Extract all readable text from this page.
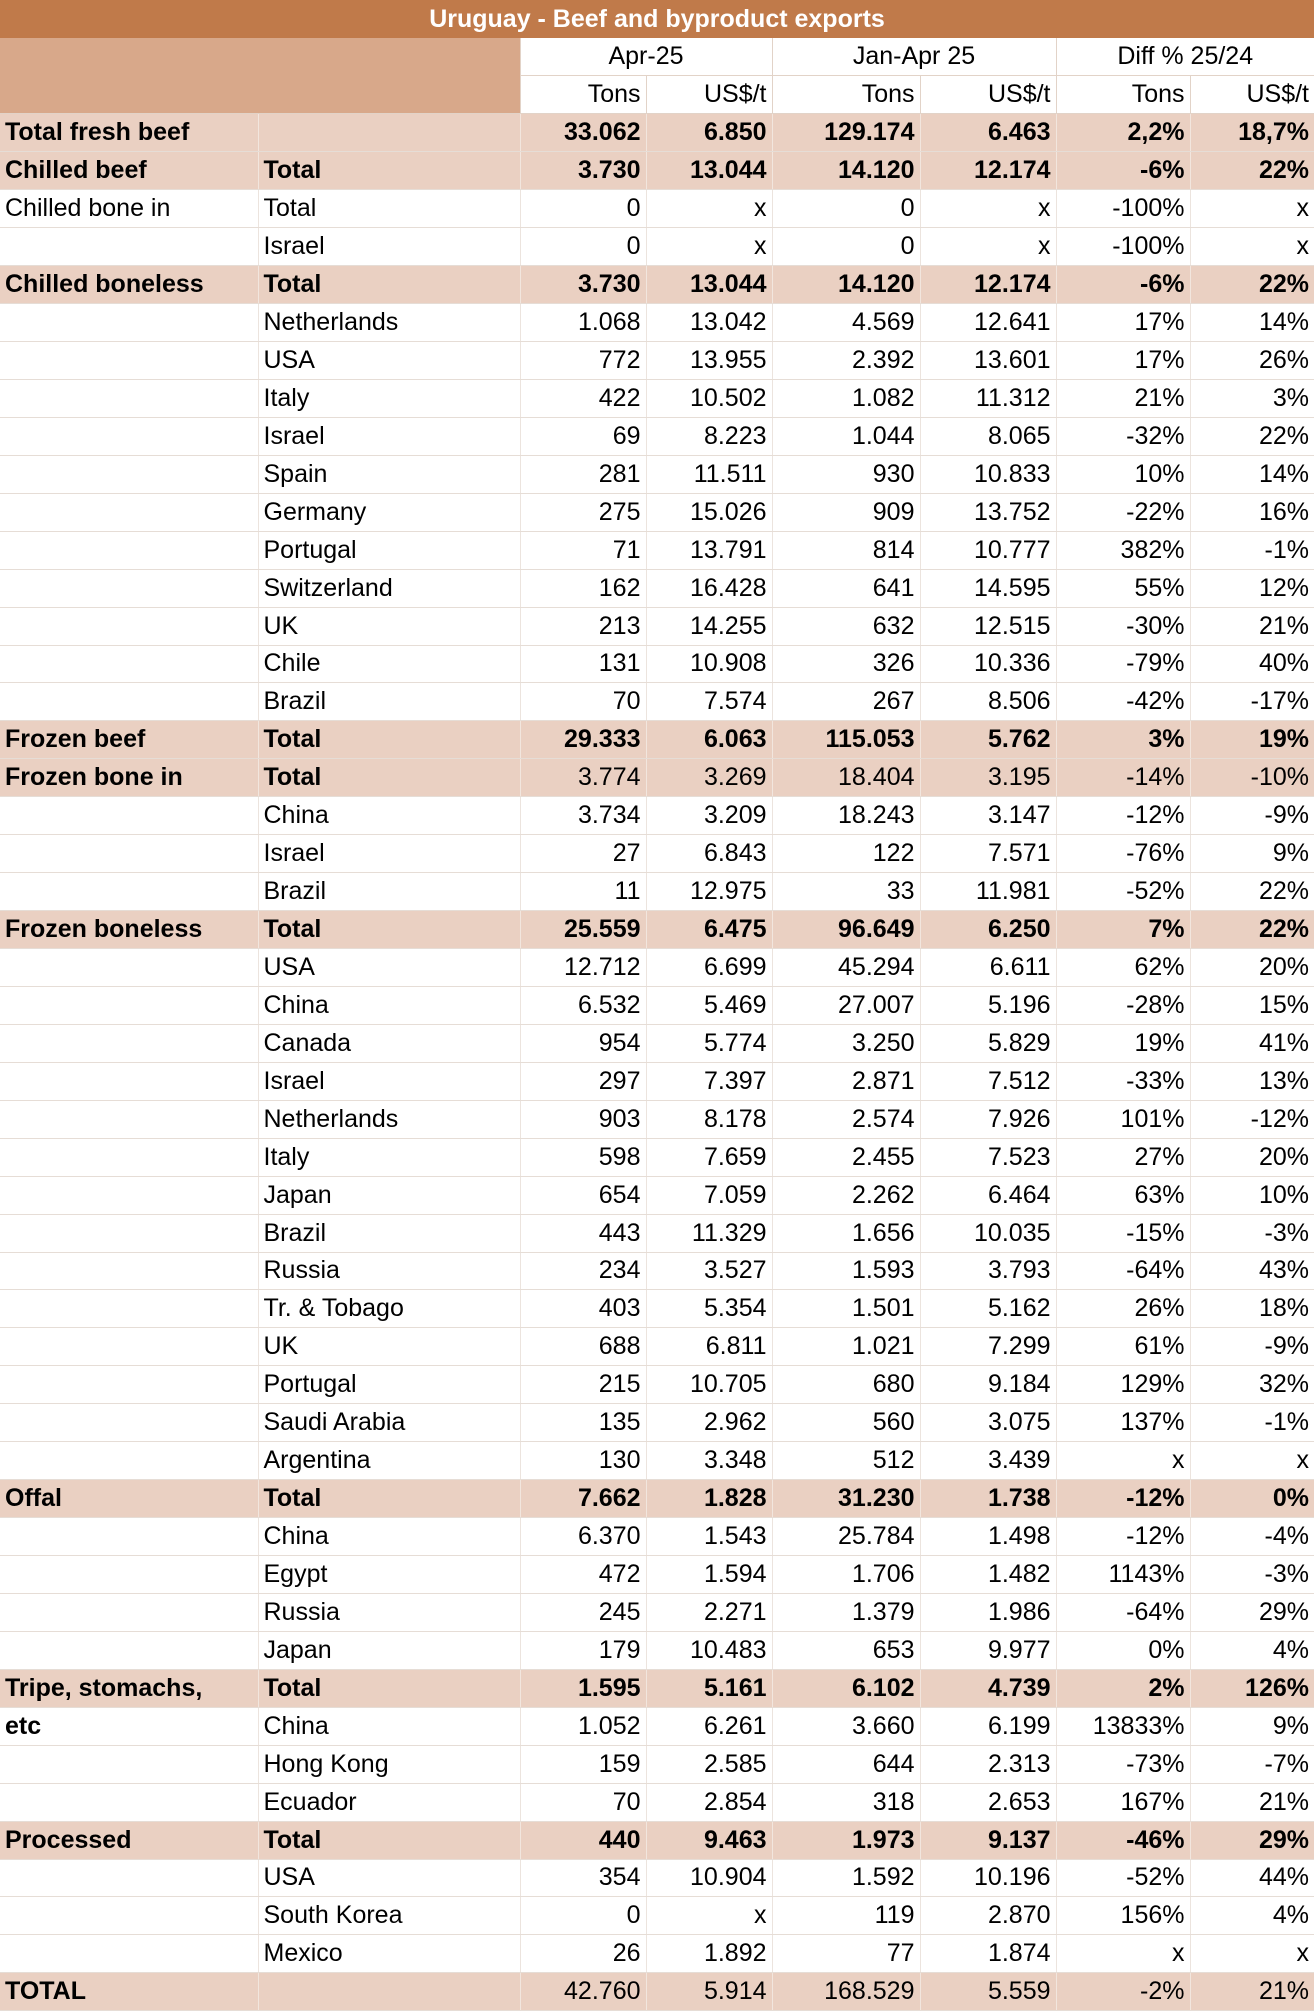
Uruguay - Beef and byproduct exports							
		Apr-25		Jan-Apr 25		Diff % 25/24	
		Tons	US$/t	Tons	US$/t	Tons	US$/t
Total fresh beef		33.062	6.850	129.174	6.463	2,2%	18,7%
Chilled beef	Total	3.730	13.044	14.120	12.174	-6%	22%
Chilled bone in	Total	0	x	0	x	-100%	x
	Israel	0	x	0	x	-100%	x
Chilled boneless	Total	3.730	13.044	14.120	12.174	-6%	22%
	Netherlands	1.068	13.042	4.569	12.641	17%	14%
	USA	772	13.955	2.392	13.601	17%	26%
	Italy	422	10.502	1.082	11.312	21%	3%
	Israel	69	8.223	1.044	8.065	-32%	22%
	Spain	281	11.511	930	10.833	10%	14%
	Germany	275	15.026	909	13.752	-22%	16%
	Portugal	71	13.791	814	10.777	382%	-1%
	Switzerland	162	16.428	641	14.595	55%	12%
	UK	213	14.255	632	12.515	-30%	21%
	Chile	131	10.908	326	10.336	-79%	40%
	Brazil	70	7.574	267	8.506	-42%	-17%
Frozen beef	Total	29.333	6.063	115.053	5.762	3%	19%
Frozen bone in	Total	3.774	3.269	18.404	3.195	-14%	-10%
	China	3.734	3.209	18.243	3.147	-12%	-9%
	Israel	27	6.843	122	7.571	-76%	9%
	Brazil	11	12.975	33	11.981	-52%	22%
Frozen boneless	Total	25.559	6.475	96.649	6.250	7%	22%
	USA	12.712	6.699	45.294	6.611	62%	20%
	China	6.532	5.469	27.007	5.196	-28%	15%
	Canada	954	5.774	3.250	5.829	19%	41%
	Israel	297	7.397	2.871	7.512	-33%	13%
	Netherlands	903	8.178	2.574	7.926	101%	-12%
	Italy	598	7.659	2.455	7.523	27%	20%
	Japan	654	7.059	2.262	6.464	63%	10%
	Brazil	443	11.329	1.656	10.035	-15%	-3%
	Russia	234	3.527	1.593	3.793	-64%	43%
	Tr. & Tobago	403	5.354	1.501	5.162	26%	18%
	UK	688	6.811	1.021	7.299	61%	-9%
	Portugal	215	10.705	680	9.184	129%	32%
	Saudi Arabia	135	2.962	560	3.075	137%	-1%
	Argentina	130	3.348	512	3.439	x	x
Offal	Total	7.662	1.828	31.230	1.738	-12%	0%
	China	6.370	1.543	25.784	1.498	-12%	-4%
	Egypt	472	1.594	1.706	1.482	1143%	-3%
	Russia	245	2.271	1.379	1.986	-64%	29%
	Japan	179	10.483	653	9.977	0%	4%
Tripe, stomachs,	Total	1.595	5.161	6.102	4.739	2%	126%
etc	China	1.052	6.261	3.660	6.199	13833%	9%
	Hong Kong	159	2.585	644	2.313	-73%	-7%
	Ecuador	70	2.854	318	2.653	167%	21%
Processed	Total	440	9.463	1.973	9.137	-46%	29%
	USA	354	10.904	1.592	10.196	-52%	44%
	South Korea	0	x	119	2.870	156%	4%
	Mexico	26	1.892	77	1.874	x	x
TOTAL		42.760	5.914	168.529	5.559	-2%	21%
